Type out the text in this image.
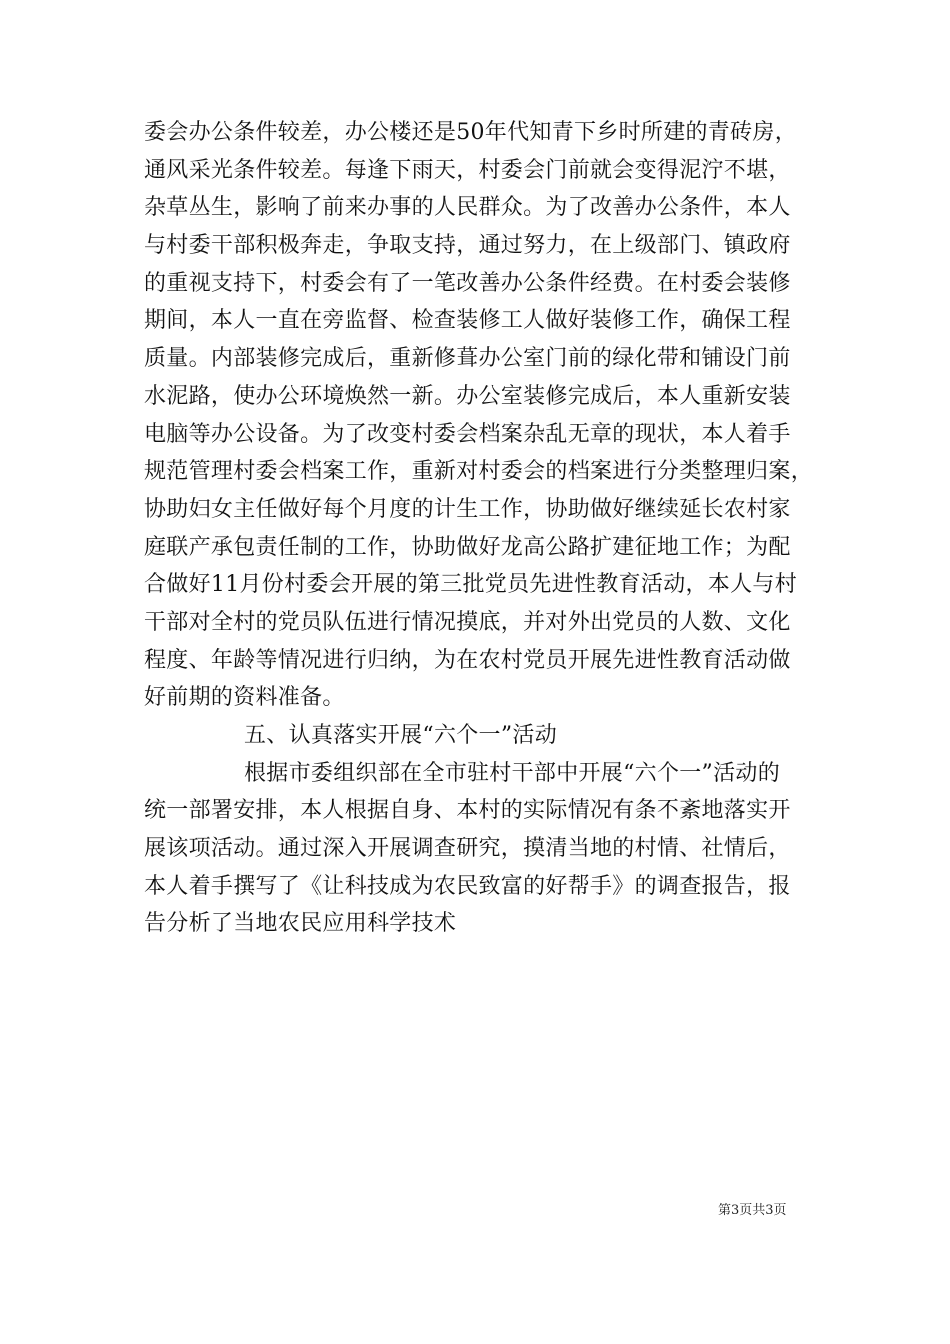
委会办公条件较差，办公楼还是50年代知青下乡时所建的青砖房，
通风采光条件较差。每逢下雨天，村委会门前就会变得泥泞不堪，
杂草丛生，影响了前来办事的人民群众。为了改善办公条件，本人
与村委干部积极奔走，争取支持，通过努力，在上级部门、镇政府
的重视支持下，村委会有了一笔改善办公条件经费。在村委会装修
期间，本人一直在旁监督、检查装修工人做好装修工作，确保工程
质量。内部装修完成后，重新修葺办公室门前的绿化带和铺设门前
水泥路，使办公环境焕然一新。办公室装修完成后，本人重新安装
电脑等办公设备。为了改变村委会档案杂乱无章的现状，本人着手
规范管理村委会档案工作，重新对村委会的档案进行分类整理归案，
协助妇女主任做好每个月度的计生工作，协助做好继续延长农村家
庭联产承包责任制的工作，协助做好龙高公路扩建征地工作；为配
合做好11月份村委会开展的第三批党员先进性教育活动，本人与村
干部对全村的党员队伍进行情况摸底，并对外出党员的人数、文化
程度、年龄等情况进行归纳，为在农村党员开展先进性教育活动做
好前期的资料准备。
五、认真落实开展“六个一”活动
根据市委组织部在全市驻村干部中开展“六个一”活动的
统一部署安排，本人根据自身、本村的实际情况有条不紊地落实开
展该项活动。通过深入开展调查研究，摸清当地的村情、社情后，
本人着手撰写了《让科技成为农民致富的好帮手》的调查报告，报
告分析了当地农民应用科学技术
第3页共3页
